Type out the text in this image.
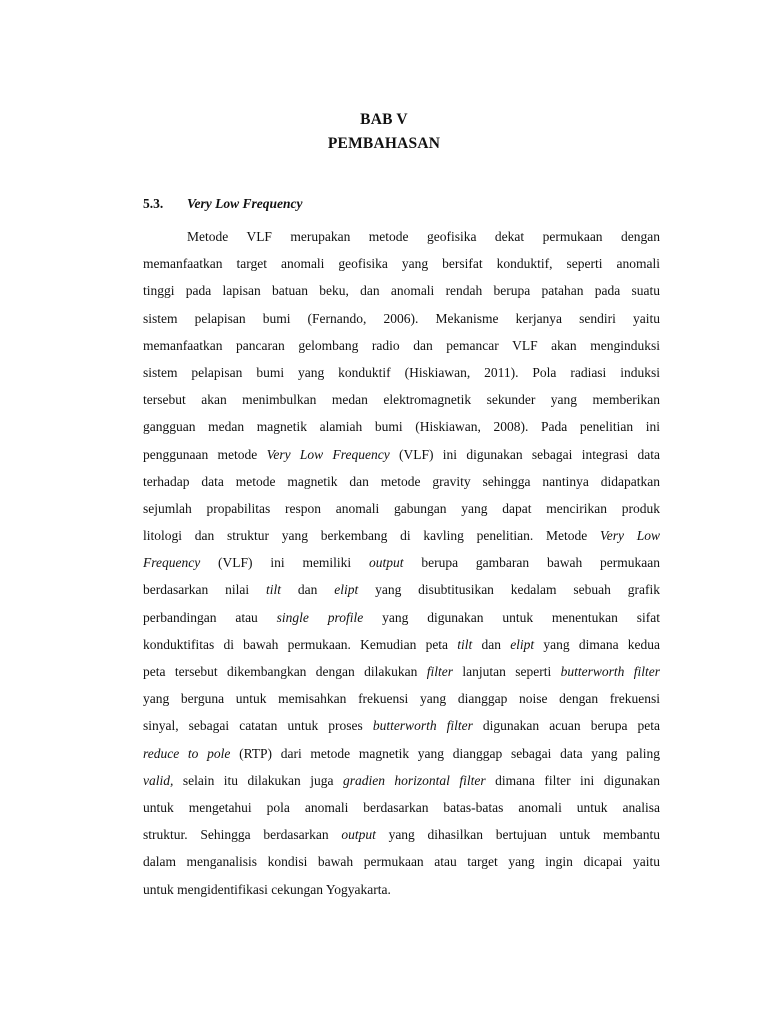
BAB V
PEMBAHASAN
5.3. Very Low Frequency
Metode VLF merupakan metode geofisika dekat permukaan dengan
memanfaatkan target anomali geofisika yang bersifat konduktif, seperti anomali
tinggi pada lapisan batuan beku, dan anomali rendah berupa patahan pada suatu
sistem pelapisan bumi (Fernando, 2006). Mekanisme kerjanya sendiri yaitu
memanfaatkan pancaran gelombang radio dan pemancar VLF akan menginduksi
sistem pelapisan bumi yang konduktif (Hiskiawan, 2011). Pola radiasi induksi
tersebut akan menimbulkan medan elektromagnetik sekunder yang memberikan
gangguan medan magnetik alamiah bumi (Hiskiawan, 2008). Pada penelitian ini
penggunaan metode Very Low Frequency (VLF) ini digunakan sebagai integrasi data
terhadap data metode magnetik dan metode gravity sehingga nantinya didapatkan
sejumlah propabilitas respon anomali gabungan yang dapat mencirikan produk
litologi dan struktur yang berkembang di kavling penelitian. Metode Very Low
Frequency (VLF) ini memiliki output berupa gambaran bawah permukaan
berdasarkan nilai tilt dan elipt yang disubtitusikan kedalam sebuah grafik
perbandingan atau single profile yang digunakan untuk menentukan sifat
konduktifitas di bawah permukaan. Kemudian peta tilt dan elipt yang dimana kedua
peta tersebut dikembangkan dengan dilakukan filter lanjutan seperti butterworth filter
yang berguna untuk memisahkan frekuensi yang dianggap noise dengan frekuensi
sinyal, sebagai catatan untuk proses butterworth filter digunakan acuan berupa peta
reduce to pole (RTP) dari metode magnetik yang dianggap sebagai data yang paling
valid, selain itu dilakukan juga gradien horizontal filter dimana filter ini digunakan
untuk mengetahui pola anomali berdasarkan batas-batas anomali untuk analisa
struktur. Sehingga berdasarkan output yang dihasilkan bertujuan untuk membantu
dalam menganalisis kondisi bawah permukaan atau target yang ingin dicapai yaitu
untuk mengidentifikasi cekungan Yogyakarta.
